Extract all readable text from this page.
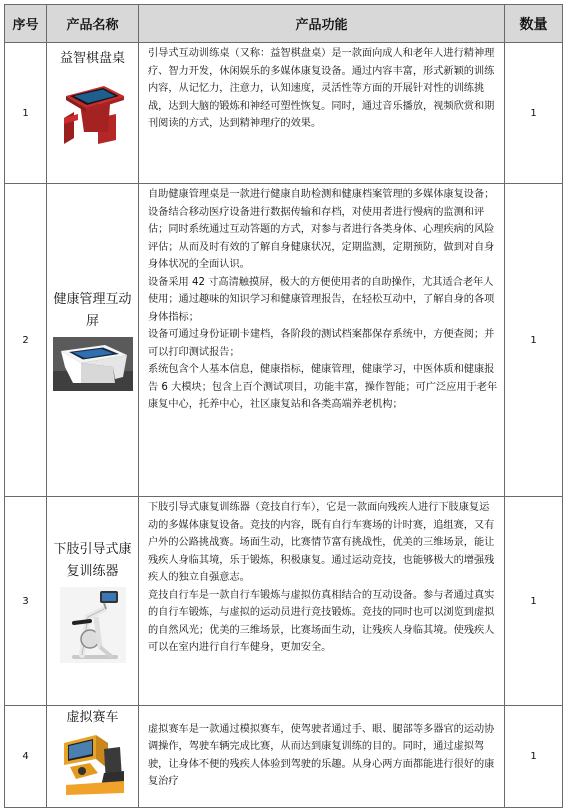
序号	产品名称	产品功能	数量
1	益智棋盘桌	引导式互动训练桌（又称：益智棋盘桌）是一款面向成人和老年人进行精神理疗、智力开发，休闲娱乐的多媒体康复设备。通过内容丰富，形式新颖的训练内容，从记忆力，注意力，认知速度，灵活性等方面的开展针对性的训练挑战，达到大脑的锻炼和神经可塑性恢复。同时，通过音乐播放，视频欣赏和期刊阅读的方式，达到精神理疗的效果。	1
2	健康管理互动屏	自助健康管理桌是一款进行健康自助检测和健康档案管理的多媒体康复设备；

设备结合移动医疗设备进行数据传输和存档，对使用者进行慢病的监测和评估；同时系统通过互动答题的方式，对参与者进行各类身体、心理疾病的风险评估；从而及时有效的了解自身健康状况，定期监测，定期预防，做到对自身身体状况的全面认识。

设备采用 42 寸高清触摸屏，极大的方便使用者的自助操作，尤其适合老年人使用；通过趣味的知识学习和健康管理报告，在轻松互动中，了解自身的各项身体指标；

设备可通过身份证刷卡建档，各阶段的测试档案都保存系统中，方便查阅；并可以打印测试报告；

系统包含个人基本信息，健康指标，健康管理，健康学习，中医体质和健康报告 6 大模块；包含上百个测试项目，功能丰富，操作智能；可广泛应用于老年康复中心，托养中心，社区康复站和各类高端养老机构；	1
3	下肢引导式康复训练器	下肢引导式康复训练器（竞技自行车），它是一款面向残疾人进行下肢康复运动的多媒体康复设备。竞技的内容，既有自行车赛场的计时赛，追组赛，又有户外的公路挑战赛。场面生动，比赛情节富有挑战性，优美的三维场景，能让残疾人身临其境，乐于锻炼，积极康复。通过运动竞技，也能够极大的增强残疾人的独立自强意志。

竞技自行车是一款自行车锻炼与虚拟仿真相结合的互动设备。参与者通过真实的自行车锻炼，与虚拟的运动员进行竞技锻炼。竞技的同时也可以浏览到虚拟的自然风光；优美的三维场景，比赛场面生动，让残疾人身临其境。使残疾人可以在室内进行自行车健身，更加安全。	1
4	虚拟赛车	虚拟赛车是一款通过模拟赛车，使驾驶者通过手、眼、腿部等多器官的运动协调操作，驾驶车辆完成比赛，从而达到康复训练的目的。同时，通过虚拟驾驶，让身体不便的残疾人体验到驾驶的乐趣。从身心两方面都能进行很好的康复治疗	1
